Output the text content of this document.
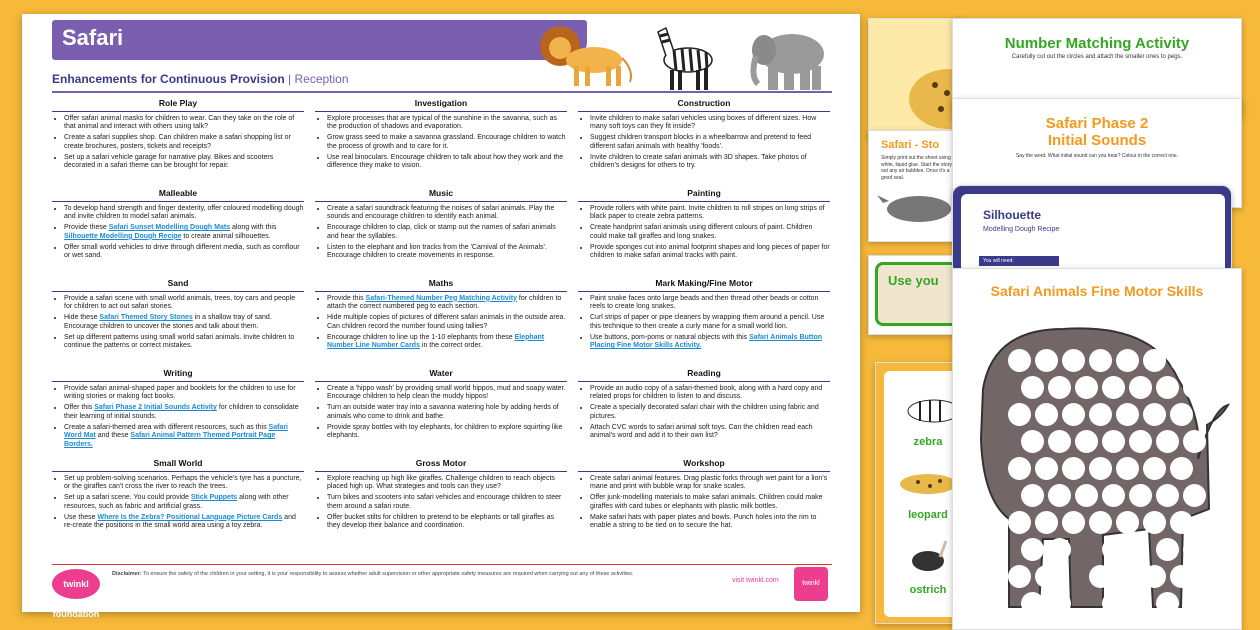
Safari
Enhancements for Continuous Provision | Reception
Role Play
• Offer safari animal masks for children to wear. Can they take on the role of that animal and interact with others using talk?
• Create a safari supplies shop. Can children make a safari shopping list or create brochures, posters, tickets and receipts?
• Set up a safari vehicle garage for narrative play. Bikes and scooters decorated in a safari theme can be brought for repair.
Investigation
• Explore processes that are typical of the sunshine in the savanna, such as the production of shadows and evaporation.
• Grow grass seed to make a savanna grassland. Encourage children to watch the process of growth and to care for it.
• Use real binoculars. Encourage children to talk about how they work and the difference they make to vision.
Construction
• Invite children to make safari vehicles using boxes of different sizes. How many soft toys can they fit inside?
• Suggest children transport blocks in a wheelbarrow and pretend to feed different safari animals with healthy 'foods'.
• Invite children to create safari animals with 3D shapes. Take photos of children's designs for others to try.
Malleable
• To develop hand strength and finger dexterity, offer coloured modelling dough and invite children to model safari animals.
• Provide these Safari Sunset Modelling Dough Mats along with this Silhouette Modelling Dough Recipe to create animal silhouettes.
• Offer small world vehicles to drive through different media, such as cornflour or wet sand.
Music
• Create a safari soundtrack featuring the noises of safari animals. Play the sounds and encourage children to identify each animal.
• Encourage children to clap, click or stamp out the names of safari animals and hear the syllables.
• Listen to the elephant and lion tracks from the 'Carnival of the Animals'. Encourage children to create movements in response.
Painting
• Provide rollers with white paint. Invite children to roll stripes on long strips of black paper to create zebra patterns.
• Create handprint safari animals using different colours of paint. Children could make tall giraffes and long snakes.
• Provide sponges cut into animal footprint shapes and long pieces of paper for children to make safari animal tracks with paint.
Sand
• Provide a safari scene with small world animals, trees, toy cars and people for children to act out safari stories.
• Hide these Safari Themed Story Stones in a shallow tray of sand. Encourage children to uncover the stones and talk about them.
• Set up different patterns using small world safari animals. Invite children to continue the patterns or correct mistakes.
Maths
• Provide this Safari-Themed Number Peg Matching Activity for children to attach the correct numbered peg to each section.
• Hide multiple copies of pictures of different safari animals in the outside area. Can children record the number found using tallies?
• Encourage children to line up the 1-10 elephants from these Elephant Number Line Number Cards in the correct order.
Mark Making/Fine Motor
• Paint snake faces onto large beads and then thread other beads or cotton reels to create long snakes.
• Curl strips of paper or pipe cleaners by wrapping them around a pencil. Use this technique to then create a curly mane for a small world lion.
• Use buttons, pom-poms or natural objects with this Safari Animals Button Placing Fine Motor Skills Activity.
Writing
• Provide safari animal-shaped paper and booklets for the children to use for writing stories or making fact books.
• Offer this Safari Phase 2 Initial Sounds Activity for children to consolidate their learning of initial sounds.
• Create a safari-themed area with different resources, such as this Safari Word Mat and these Safari Animal Pattern Themed Portrait Page Borders.
Water
• Create a 'hippo wash' by providing small world hippos, mud and soapy water. Encourage children to help clean the muddy hippos!
• Turn an outside water tray into a savanna watering hole by adding herds of animals who come to drink and bathe.
• Provide spray bottles with toy elephants, for children to explore squirting like elephants.
Reading
• Provide an audio copy of a safari-themed book, along with a hard copy and related props for children to listen to and discuss.
• Create a specially decorated safari chair with the children using fabric and pictures.
• Attach CVC words to safari animal soft toys. Can the children read each animal's word and add it to their own list?
Small World
• Set up problem-solving scenarios. Perhaps the vehicle's tyre has a puncture, or the giraffes can't cross the river to reach the trees.
• Set up a safari scene. You could provide Stick Puppets along with other resources, such as fabric and artificial grass.
• Use these Where Is the Zebra? Positional Language Picture Cards and re-create the positions in the small world area using a toy zebra.
Gross Motor
• Explore reaching up high like giraffes. Challenge children to reach objects placed high up. What strategies and tools can they use?
• Turn bikes and scooters into safari vehicles and encourage children to steer them around a safari route.
• Offer bucket stilts for children to pretend to be elephants or tall giraffes as they develop their balance and coordination.
Workshop
• Create safari animal features. Drag plastic forks through wet paint for a lion's mane and print with bubble wrap for snake scales.
• Offer junk-modelling materials to make safari animals. Children could make giraffes with card tubes or elephants with plastic milk bottles.
• Make safari hats with paper plates and bowls. Punch holes into the rim to enable a string to be tied on to secure the hat.
twinkl foundation
Disclaimer: To ensure the safety of the children in your setting, it is your responsibility to assess whether adult supervision or other appropriate safety measures are required when carrying out any of these activities.
visit twinkl.com	twinkl
Safari - Sto
Simply print out the sheet using white, liquid glue. Start the story out any air bubbles. Once it's a good seal.
Use you
zebra
leopard
ostrich
Number Matching Activity
Carefully cut out the circles and attach the smaller ones to pegs.
Safari Phase 2
Initial Sounds
Say the word. What initial sound can you hear? Colour in the correct one.
Silhouette
Modelling Dough Recipe
You will need:
Safari Animals Fine Motor Skills
